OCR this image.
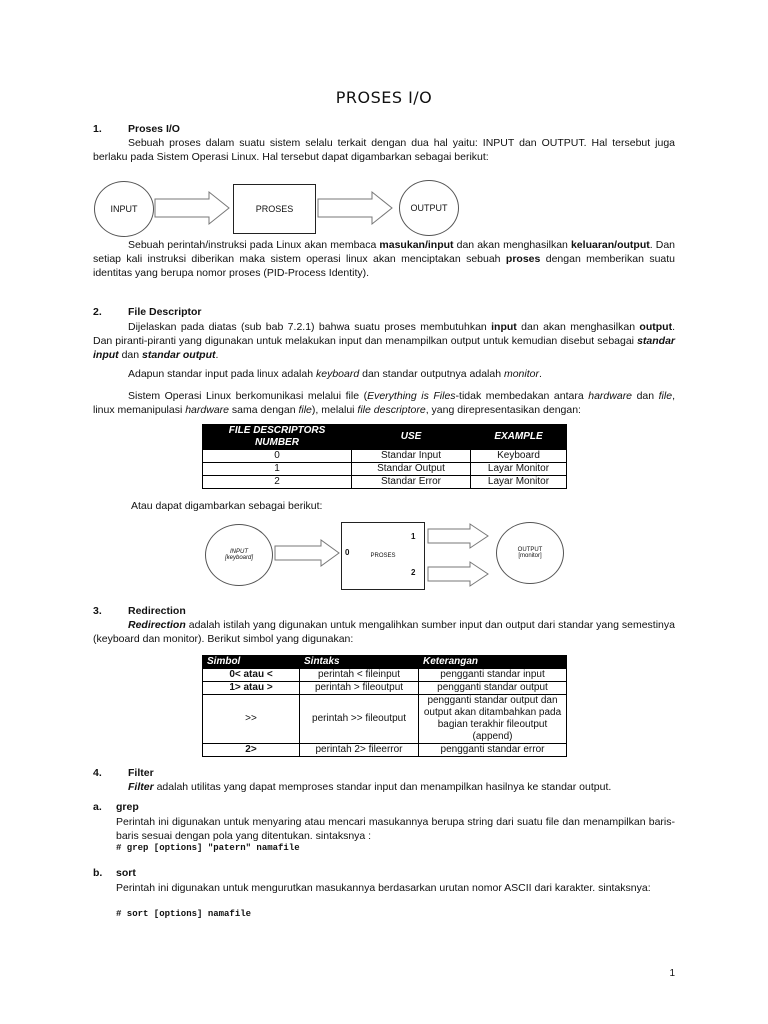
PROSES I/O
1. Proses I/O
Sebuah proses dalam suatu sistem selalu terkait dengan dua hal yaitu: INPUT dan OUTPUT. Hal tersebut juga berlaku pada Sistem Operasi Linux. Hal tersebut dapat digambarkan sebagai berikut:
INPUT	PROSES	OUTPUT
Sebuah perintah/instruksi pada Linux akan membaca masukan/input dan akan menghasilkan keluaran/output. Dan setiap kali instruksi diberikan maka sistem operasi linux akan menciptakan sebuah proses dengan memberikan suatu identitas yang berupa nomor proses (PID-Process Identity).
2. File Descriptor
Dijelaskan pada diatas (sub bab 7.2.1) bahwa suatu proses membutuhkan input dan akan menghasilkan output. Dan piranti-piranti yang digunakan untuk melakukan input dan menampilkan output untuk kemudian disebut sebagai standar input dan standar output.
Adapun standar input pada linux adalah keyboard dan standar outputnya adalah monitor.
Sistem Operasi Linux berkomunikasi melalui file (Everything is Files-tidak membedakan antara hardware dan file, linux memanipulasi hardware sama dengan file), melalui file descriptore, yang direpresentasikan dengan:
FILE DESCRIPTORS NUMBER	USE	EXAMPLE
0	Standar Input	Keyboard
1	Standar Output	Layar Monitor
2	Standar Error	Layar Monitor
Atau dapat digambarkan sebagai berikut:
INPUT
[keyboard]	PROSES
0
1
2
OUTPUT
[monitor]
3. Redirection
Redirection adalah istilah yang digunakan untuk mengalihkan sumber input dan output dari standar yang semestinya (keyboard dan monitor). Berikut simbol yang digunakan:
Simbol	Sintaks	Keterangan
0< atau <	perintah < fileinput	pengganti standar input
1> atau >	perintah > fileoutput	pengganti standar output
>>	perintah >> fileoutput	pengganti standar output dan output akan ditambahkan pada bagian terakhir fileoutput (append)
2>	perintah 2> fileerror	pengganti standar error
4. Filter
Filter adalah utilitas yang dapat memproses standar input dan menampilkan hasilnya ke standar output.
a. grep
Perintah ini digunakan untuk menyaring atau mencari masukannya berupa string dari suatu file dan menampilkan baris-baris sesuai dengan pola yang ditentukan. sintaksnya :
# grep [options] "patern" namafile
b. sort
Perintah ini digunakan untuk mengurutkan masukannya berdasarkan urutan nomor ASCII dari karakter. sintaksnya:
# sort [options] namafile
1
